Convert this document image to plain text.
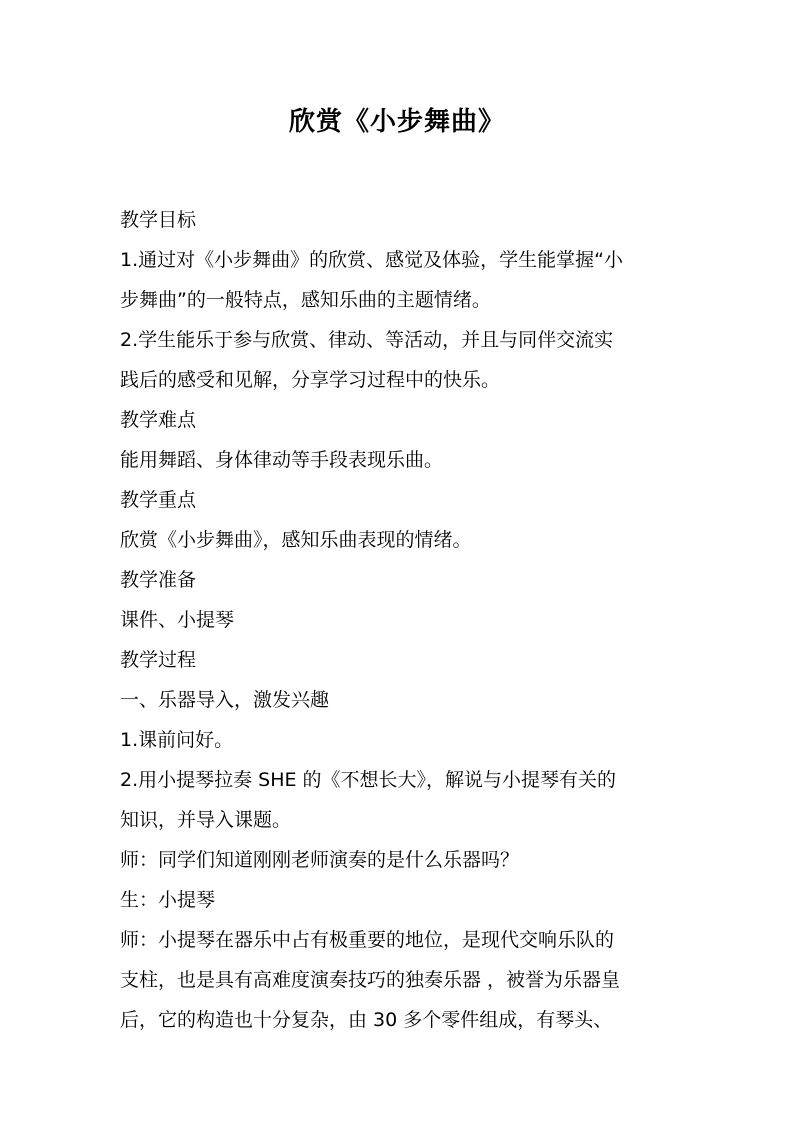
欣赏《小步舞曲》

教学目标

1.通过对《小步舞曲》的欣赏、感觉及体验，学生能掌握“小

步舞曲”的一般特点，感知乐曲的主题情绪。

2.学生能乐于参与欣赏、律动、等活动，并且与同伴交流实

践后的感受和见解，分享学习过程中的快乐。

教学难点

能用舞蹈、身体律动等手段表现乐曲。

教学重点

欣赏《小步舞曲》，感知乐曲表现的情绪。

教学准备

课件、小提琴

教学过程

一、乐器导入，激发兴趣

1.课前问好。

2.用小提琴拉奏 SHE 的《不想长大》，解说与小提琴有关的

知识，并导入课题。

师：同学们知道刚刚老师演奏的是什么乐器吗？

生：小提琴

师：小提琴在器乐中占有极重要的地位，是现代交响乐队的

支柱，也是具有高难度演奏技巧的独奏乐器 ，被誉为乐器皇

后，它的构造也十分复杂，由 30 多个零件组成，有琴头、
